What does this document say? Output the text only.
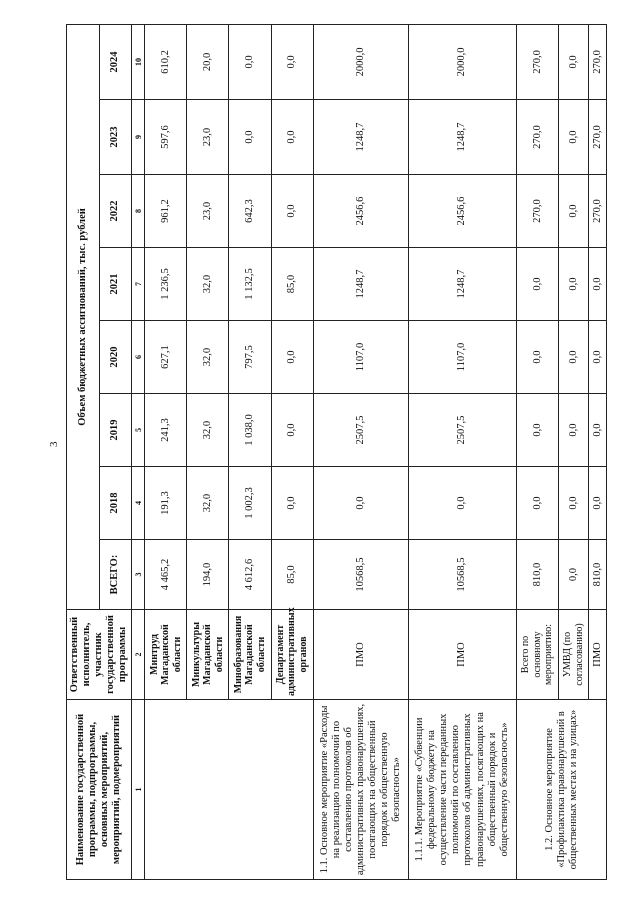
3
Наименование государственной программы, подпрограммы, основных мероприятий, мероприятий, подмероприятий	Ответственный исполнитель, участник государственной программы	Объем бюджетных ассигнований, тыс. рублей							
		ВСЕГО:	2018	2019	2020	2021	2022	2023	2024
1	2	3	4	5	6	7	8	9	10
	Минтруд Магаданской области	4 465,2	191,3	241,3	627,1	1 236,5	961,2	597,6	610,2
	Минкультуры Магаданской области	194,0	32,0	32,0	32,0	32,0	23,0	23,0	20,0
	Минобразования Магаданской области	4 612,6	1 002,3	1 038,0	797,5	1 132,5	642,3	0,0	0,0
	Департамент административных органов	85,0	0,0	0,0	0,0	85,0	0,0	0,0	0,0
1.1. Основное мероприятие «Расходы на реализацию полномочий по составлению протоколов об административных правонарушениях, посягающих на общественный порядок и общественную безопасность»	ПМО	10568,5	0,0	2507,5	1107,0	1248,7	2456,6	1248,7	2000,0
1.1.1. Мероприятие «Субвенции федеральному бюджету на осуществление части переданных полномочий по составлению протоколов об административных правонарушениях, посягающих на общественный порядок и общественную безопасность»	ПМО	10568,5	0,0	2507,5	1107,0	1248,7	2456,6	1248,7	2000,0
1.2. Основное мероприятие «Профилактика правонарушений в общественных местах и на улицах»	Всего по основному мероприятию:	810,0	0,0	0,0	0,0	0,0	270,0	270,0	270,0
	УМВД (по согласованию)	0,0	0,0	0,0	0,0	0,0	0,0	0,0	0,0
	ПМО	810,0	0,0	0,0	0,0	0,0	270,0	270,0	270,0
